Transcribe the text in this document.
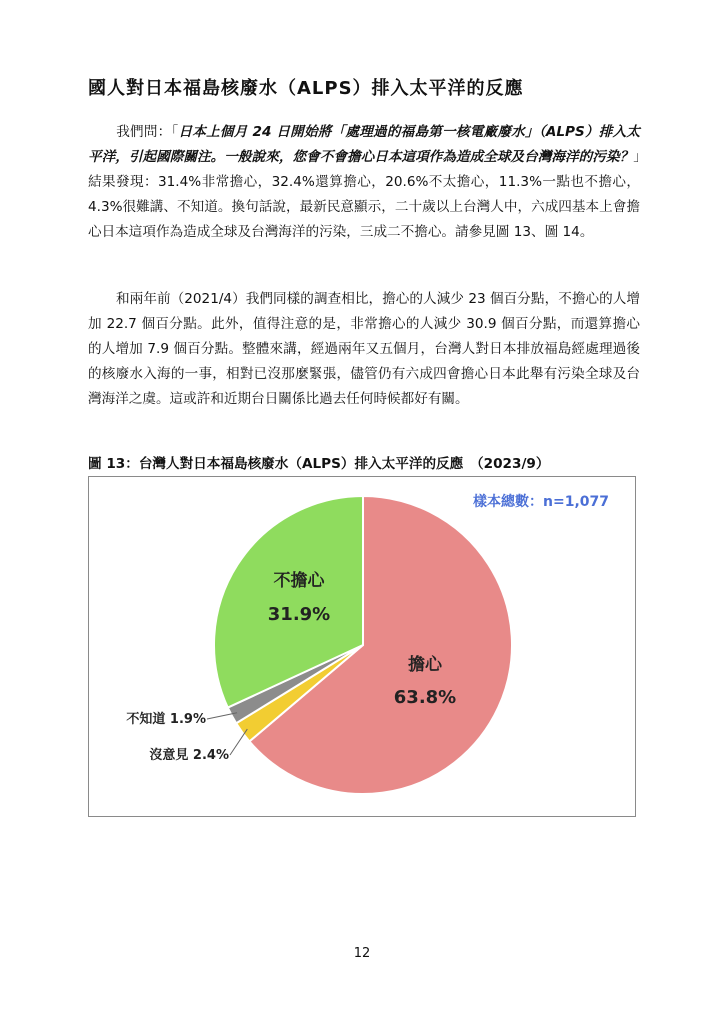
國人對日本福島核廢水（ALPS）排入太平洋的反應
我們問：「日本上個月 24 日開始將「處理過的福島第一核電廠廢水」（ALPS）排入太平洋，引起國際關注。一般說來，您會不會擔心日本這項作為造成全球及台灣海洋的污染？」結果發現：31.4%非常擔心，32.4%還算擔心，20.6%不太擔心，11.3%一點也不擔心，4.3%很難講、不知道。換句話說，最新民意顯示，二十歲以上台灣人中，六成四基本上會擔心日本這項作為造成全球及台灣海洋的污染，三成二不擔心。請參見圖 13、圖 14。
和兩年前（2021/4）我們同樣的調查相比，擔心的人減少 23 個百分點，不擔心的人增加 22.7 個百分點。此外，值得注意的是，非常擔心的人減少 30.9 個百分點，而還算擔心的人增加 7.9 個百分點。整體來講，經過兩年又五個月，台灣人對日本排放福島經處理過後的核廢水入海的一事，相對已沒那麼緊張，儘管仍有六成四會擔心日本此舉有污染全球及台灣海洋之虞。這或許和近期台日關係比過去任何時候都好有關。
圖 13：台灣人對日本福島核廢水（ALPS）排入太平洋的反應　（2023/9）
樣本總數：n=1,077
擔心
63.8%
不擔心
31.9%
不知道 1.9%
沒意見 2.4%
12
